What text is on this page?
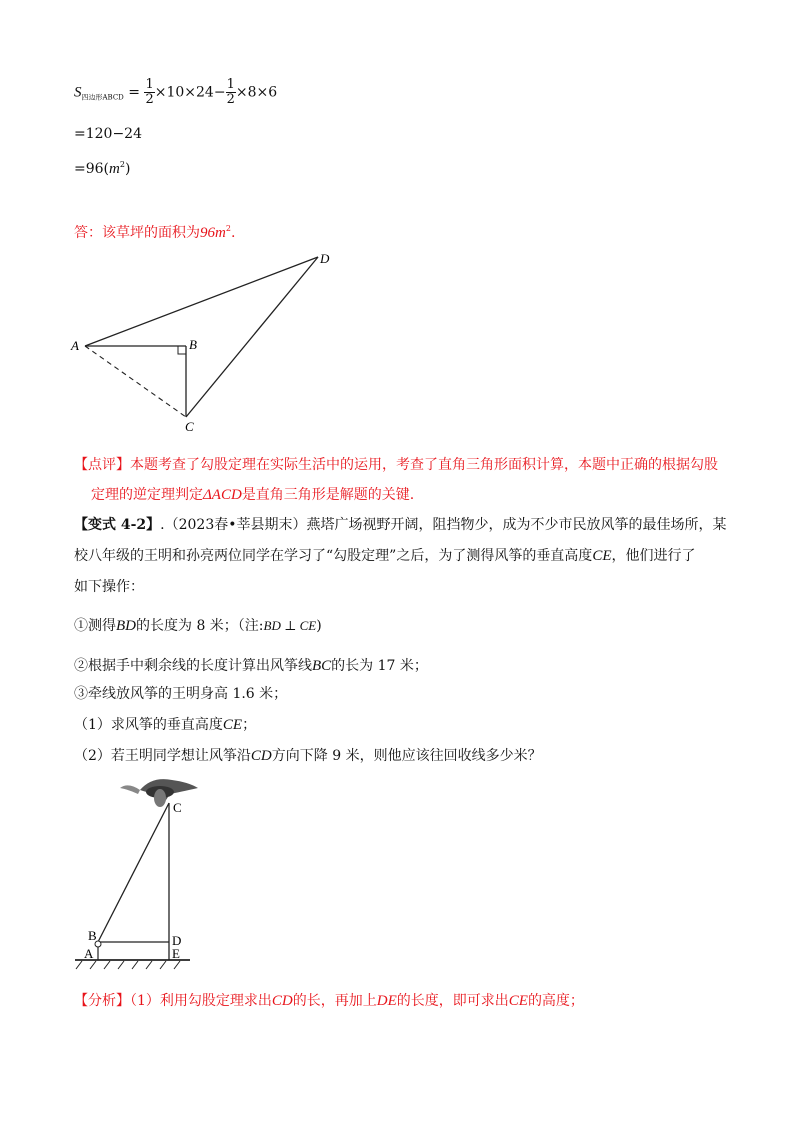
$S_{四边形ABCD} = \frac{1}{2} \times 10\times 24- \frac{1}{2} \times 8\times 6$
=120−24
$=96(m^2)$
答：该草坪的面积为$96m^2$.
A	B
C
D
【点评】本题考查了勾股定理在实际生活中的运用，考查了直角三角形面积计算，本题中正确的根据勾股
定理的逆定理判定ΔACD是直角三角形是解题的关键.
【变式 4-2】.（2023春•莘县期末）燕塔广场视野开阔，阻挡物少，成为不少市民放风筝的最佳场所，某
校八年级的王明和孙亮两位同学在学习了“勾股定理”之后，为了测得风筝的垂直高度CE，他们进行了
如下操作：
①测得BD的长度为 8 米；（注:BD ⊥ CE)
②根据手中剩余线的长度计算出风筝线BC的长为 17 米；
③牵线放风筝的王明身高 1.6 米；
（1）求风筝的垂直高度CE；
（2）若王明同学想让风筝沿CD方向下降 9 米，则他应该往回收线多少米？
C
B
A
D
E
【分析】（1）利用勾股定理求出CD的长，再加上DE的长度，即可求出CE的高度；
